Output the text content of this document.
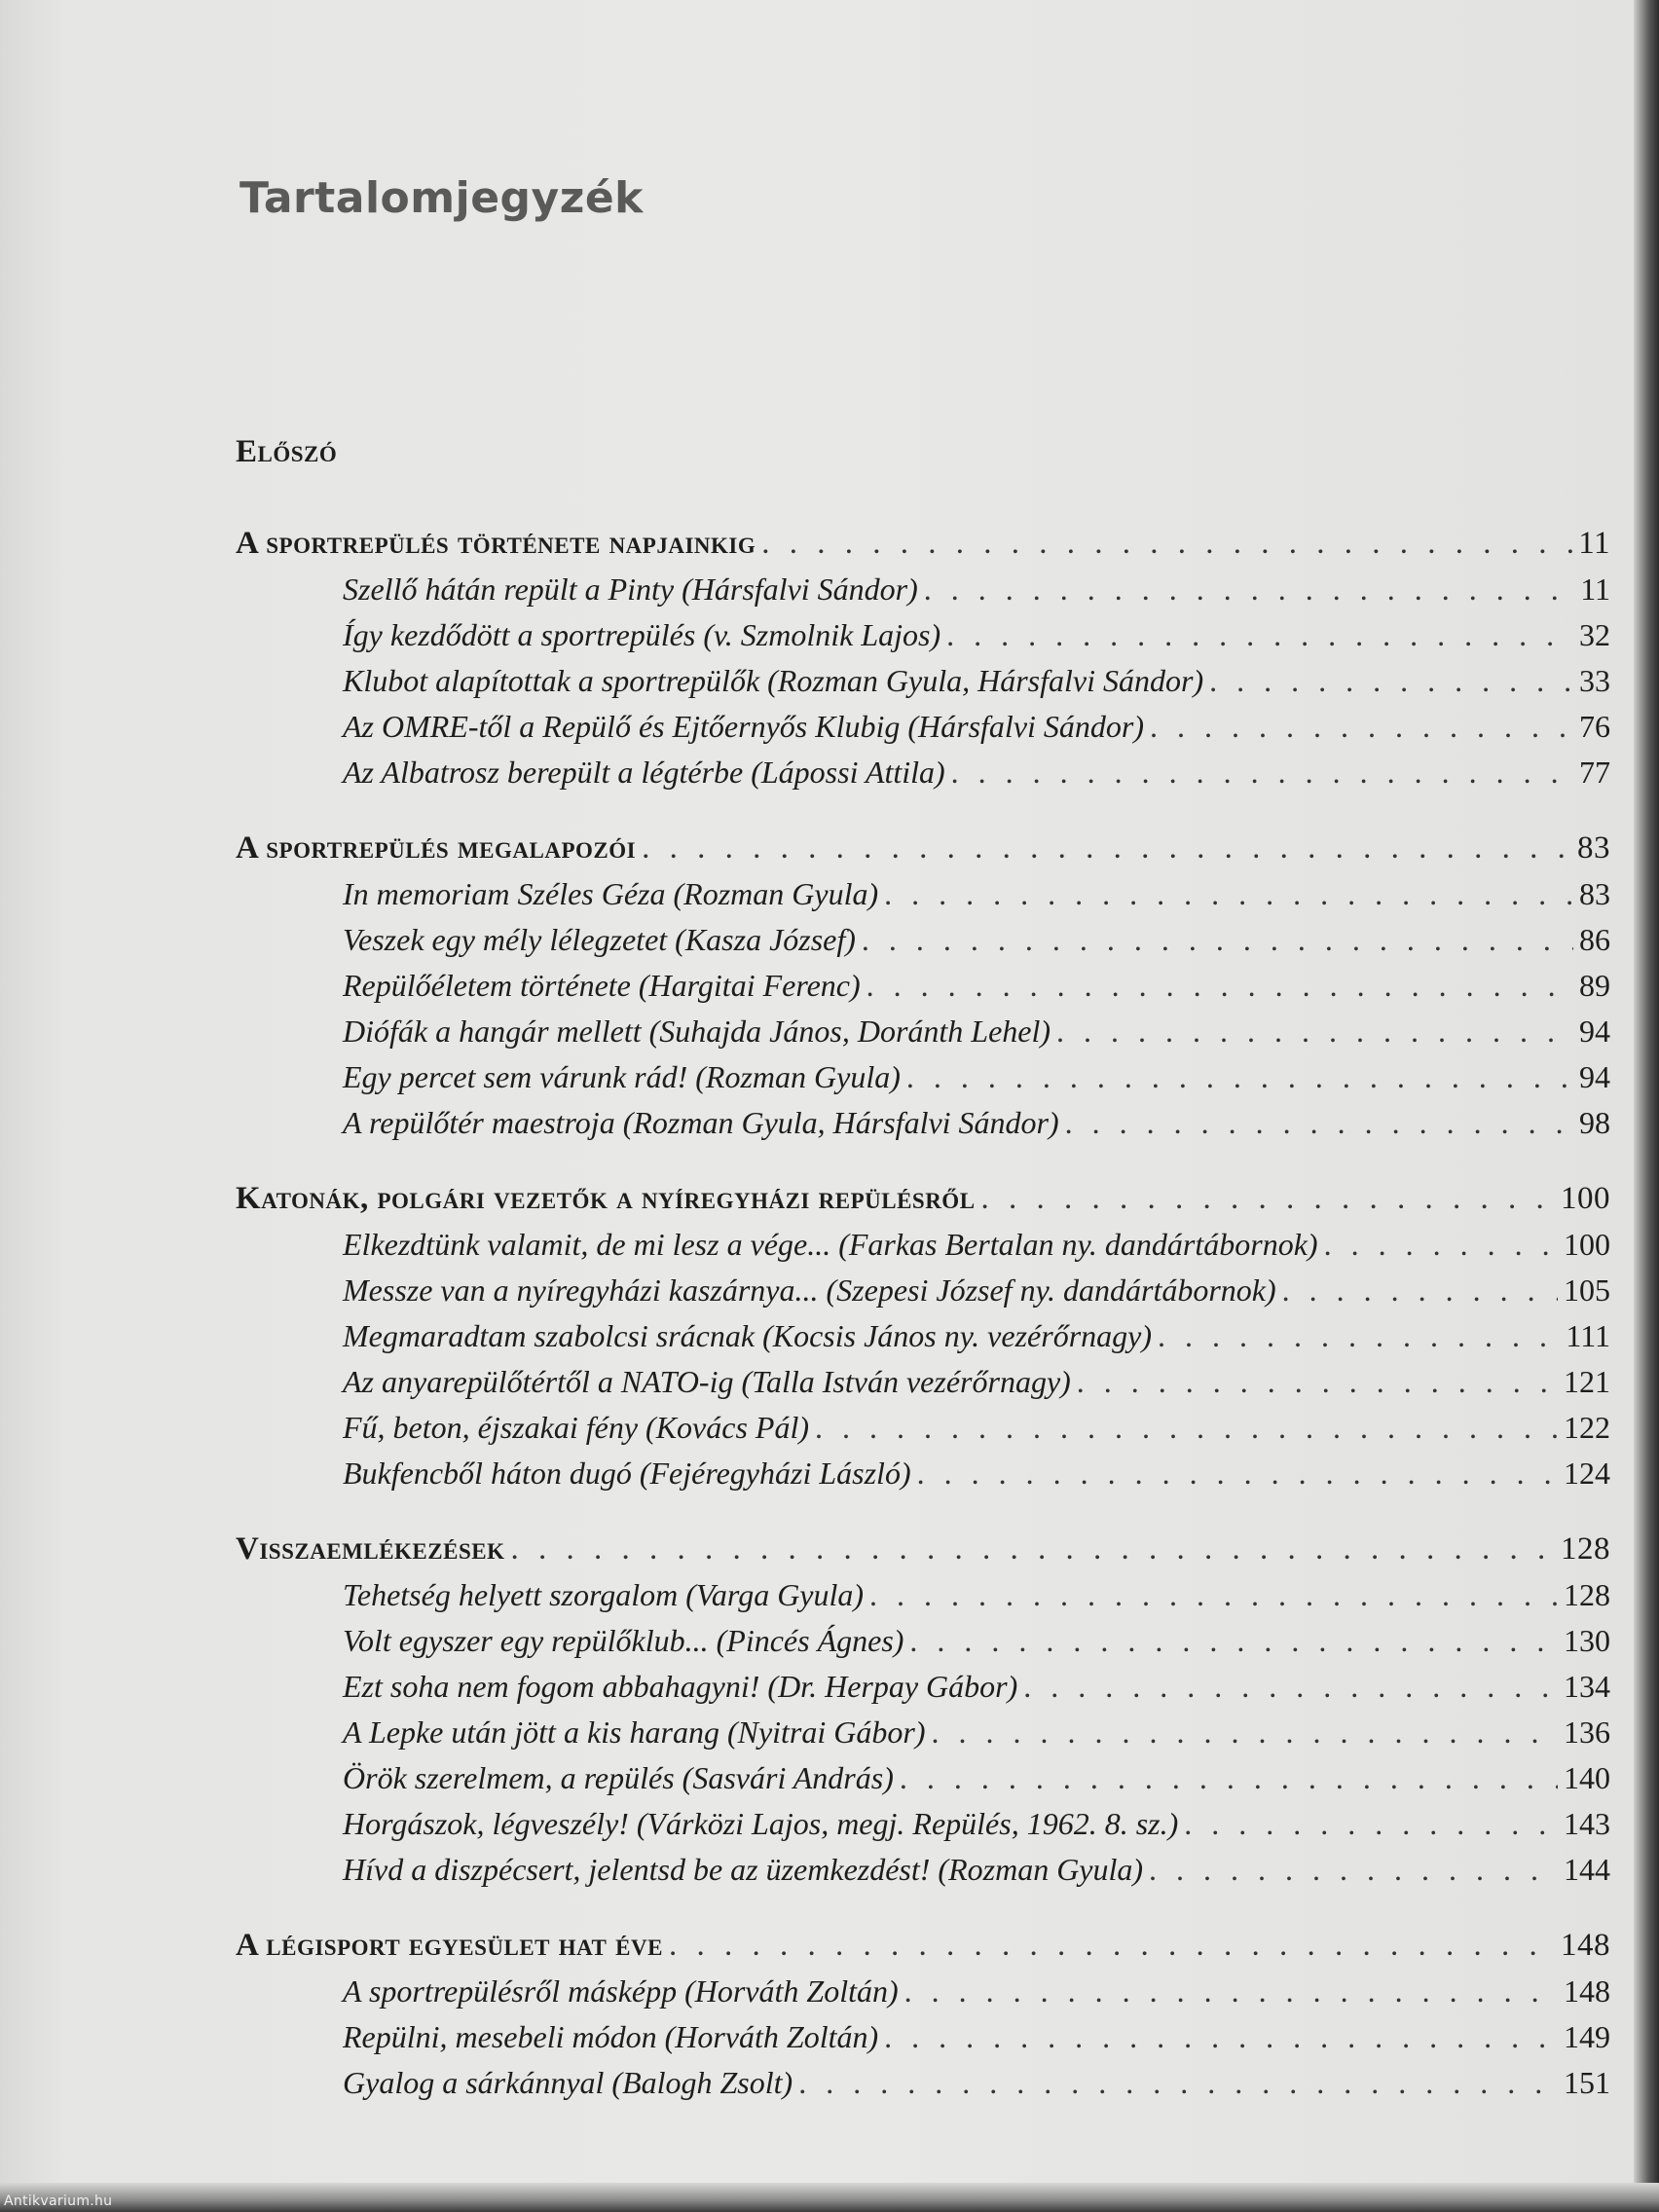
Tartalomjegyzék
Előszó
A sportrepülés története napjainkig . . .	11
Szellő hátán repült a Pinty (Hársfalvi Sándor) . . .	11
Így kezdődött a sportrepülés (v. Szmolnik Lajos) . . .	32
Klubot alapítottak a sportrepülők (Rozman Gyula, Hársfalvi Sándor) . . .	33
Az OMRE-től a Repülő és Ejtőernyős Klubig (Hársfalvi Sándor) . . .	76
Az Albatrosz berepült a légtérbe (Lápossi Attila) . . .	77
A sportrepülés megalapozói . . .	83
In memoriam Széles Géza (Rozman Gyula) . . .	83
Veszek egy mély lélegzetet (Kasza József) . . .	86
Repülőéletem története (Hargitai Ferenc) . . .	89
Diófák a hangár mellett (Suhajda János, Doránth Lehel) . . .	94
Egy percet sem várunk rád! (Rozman Gyula) . . .	94
A repülőtér maestroja (Rozman Gyula, Hársfalvi Sándor) . . .	98
Katonák, polgári vezetők a nyíregyházi repülésről . . .	100
Elkezdtünk valamit, de mi lesz a vége... (Farkas Bertalan ny. dandártábornok) . . .	100
Messze van a nyíregyházi kaszárnya... (Szepesi József ny. dandártábornok) . . .	105
Megmaradtam szabolcsi srácnak (Kocsis János ny. vezérőrnagy) . . .	111
Az anyarepülőtértől a NATO-ig (Talla István vezérőrnagy) . . .	121
Fű, beton, éjszakai fény (Kovács Pál) . . .	122
Bukfencből háton dugó (Fejéregyházi László) . . .	124
Visszaemlékezések . . .	128
Tehetség helyett szorgalom (Varga Gyula) . . .	128
Volt egyszer egy repülőklub... (Pincés Ágnes) . . .	130
Ezt soha nem fogom abbahagyni! (Dr. Herpay Gábor) . . .	134
A Lepke után jött a kis harang (Nyitrai Gábor) . . .	136
Örök szerelmem, a repülés (Sasvári András) . . .	140
Horgászok, légveszély! (Várközi Lajos, megj. Repülés, 1962. 8. sz.) . . .	143
Hívd a diszpécsert, jelentsd be az üzemkezdést! (Rozman Gyula) . . .	144
A légisport egyesület hat éve . . .	148
A sportrepülésről másképp (Horváth Zoltán) . . .	148
Repülni, mesebeli módon (Horváth Zoltán) . . .	149
Gyalog a sárkánnyal (Balogh Zsolt) . . .	151
Antikvarium.hu
